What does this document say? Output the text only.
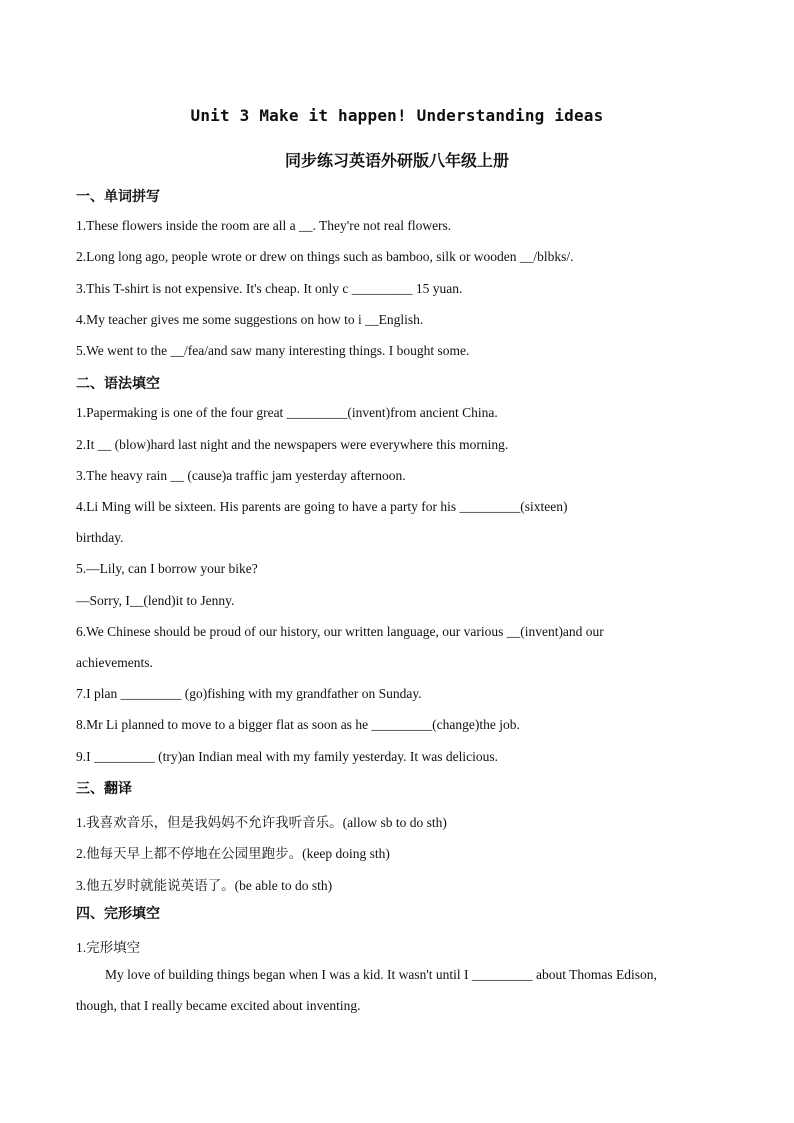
Unit 3 Make it happen! Understanding ideas
同步练习英语外研版八年级上册
一、单词拼写
1.These flowers inside the room are all a __. They're not real flowers.
2.Long long ago, people wrote or drew on things such as bamboo, silk or wooden __/blbks/.
3.This T-shirt is not expensive. It's cheap. It only c _________ 15 yuan.
4.My teacher gives me some suggestions on how to i __English.
5.We went to the __/fea/and saw many interesting things. I bought some.
二、语法填空
1.Papermaking is one of the four great _________(invent)from ancient China.
2.It __ (blow)hard last night and the newspapers were everywhere this morning.
3.The heavy rain __ (cause)a traffic jam yesterday afternoon.
4.Li Ming will be sixteen. His parents are going to have a party for his _________(sixteen)
birthday.
5.—Lily, can I borrow your bike?
—Sorry, I__(lend)it to Jenny.
6.We Chinese should be proud of our history, our written language, our various __(invent)and our
achievements.
7.I plan _________ (go)fishing with my grandfather on Sunday.
8.Mr Li planned to move to a bigger flat as soon as he _________(change)the job.
9.I _________ (try)an Indian meal with my family yesterday. It was delicious.
三、翻译
1.我喜欢音乐，但是我妈妈不允许我听音乐。(allow sb to do sth)
2.他每天早上都不停地在公园里跑步。(keep doing sth)
3.他五岁时就能说英语了。(be able to do sth)
四、完形填空
1.完形填空
My love of building things began when I was a kid. It wasn't until I _________ about Thomas Edison,
though, that I really became excited about inventing.
